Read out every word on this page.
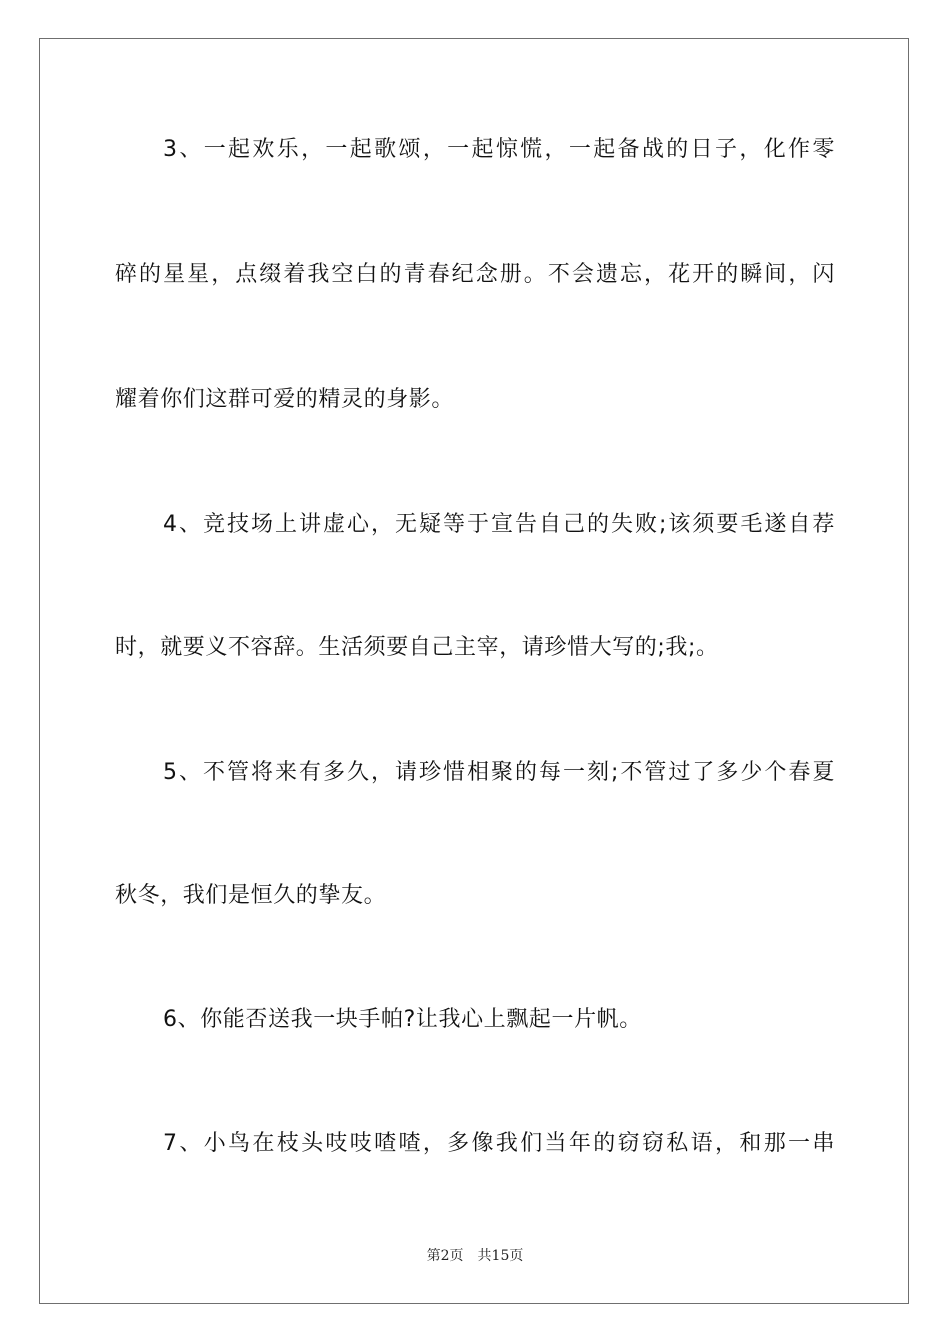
3、一起欢乐，一起歌颂，一起惊慌，一起备战的日子，化作零
碎的星星，点缀着我空白的青春纪念册。不会遗忘，花开的瞬间，闪
耀着你们这群可爱的精灵的身影。
4、竞技场上讲虚心，无疑等于宣告自己的失败;该须要毛遂自荐
时，就要义不容辞。生活须要自己主宰，请珍惜大写的;我;。
5、不管将来有多久，请珍惜相聚的每一刻;不管过了多少个春夏
秋冬，我们是恒久的挚友。
6、你能否送我一块手帕?让我心上飘起一片帆。
7、小鸟在枝头吱吱喳喳，多像我们当年的窃窃私语，和那一串
第2页 共15页
